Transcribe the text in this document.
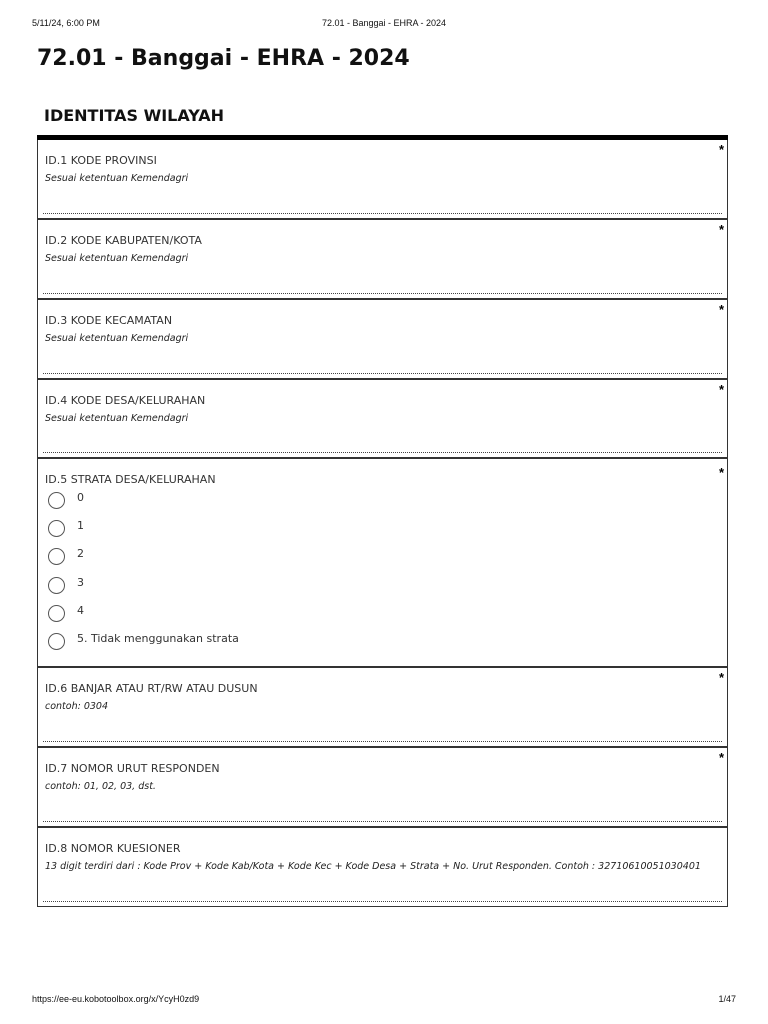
5/11/24, 6:00 PM	72.01 - Banggai - EHRA - 2024
72.01 - Banggai - EHRA - 2024
IDENTITAS WILAYAH
ID.1 KODE PROVINSI
Sesuai ketentuan Kemendagri
*
ID.2 KODE KABUPATEN/KOTA
Sesuai ketentuan Kemendagri
*
ID.3 KODE KECAMATAN
Sesuai ketentuan Kemendagri
*
ID.4 KODE DESA/KELURAHAN
Sesuai ketentuan Kemendagri
*
ID.5 STRATA DESA/KELURAHAN	*
0
1
2
3
4
5. Tidak menggunakan strata
ID.6 BANJAR ATAU RT/RW ATAU DUSUN
contoh: 0304
*
ID.7 NOMOR URUT RESPONDEN
contoh: 01, 02, 03, dst.
*
ID.8 NOMOR KUESIONER
13 digit terdiri dari : Kode Prov + Kode Kab/Kota + Kode Kec + Kode Desa + Strata + No. Urut Responden. Contoh : 32710610051030401
https://ee-eu.kobotoolbox.org/x/YcyH0zd9	1/47
